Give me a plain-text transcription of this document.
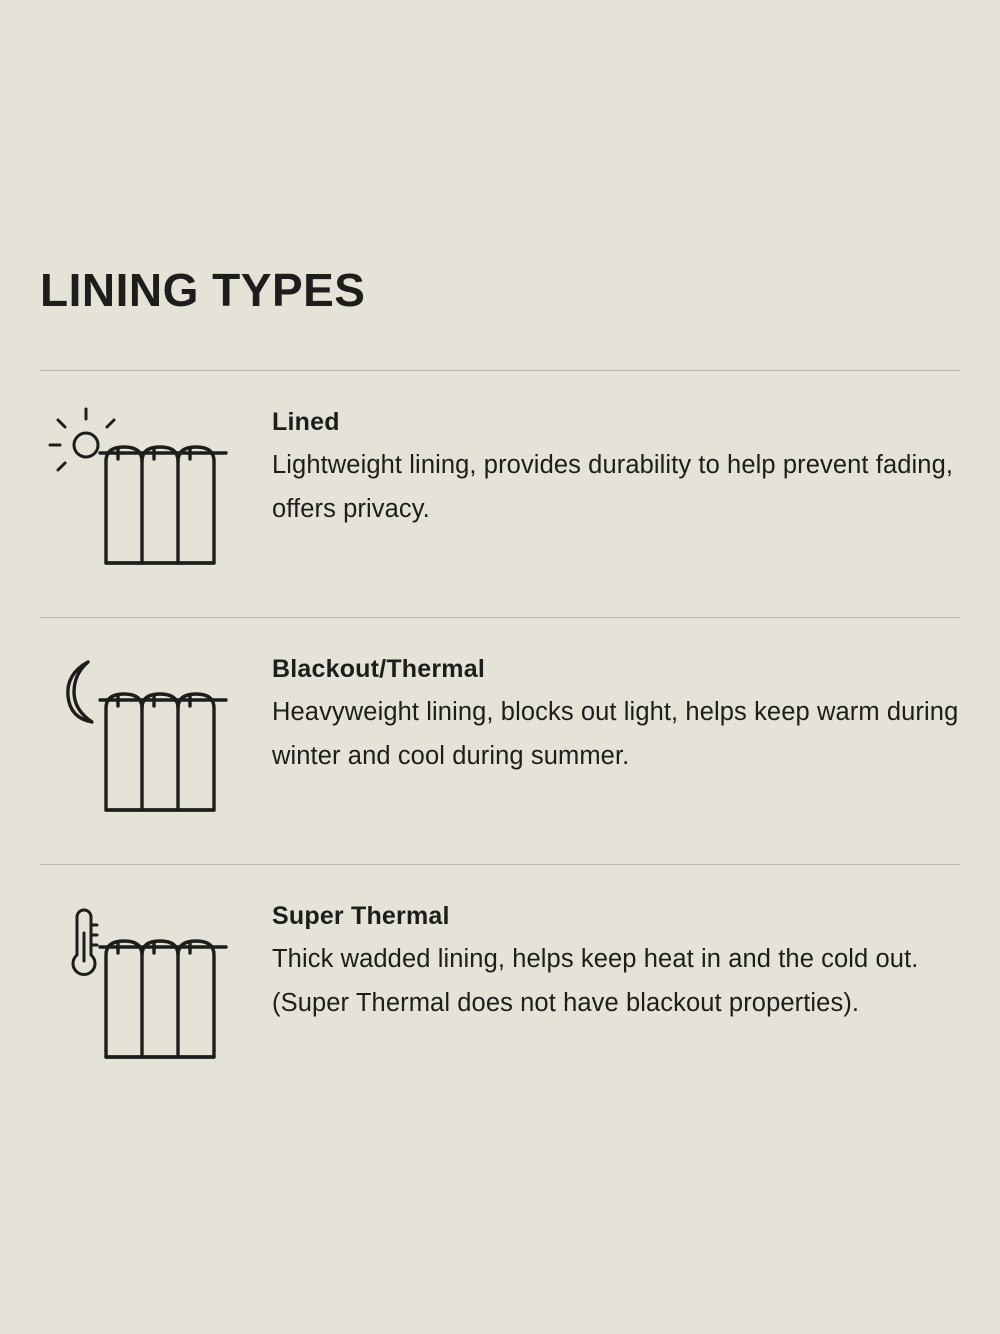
LINING TYPES

Lined

Lightweight lining, provides durability to help prevent fading, offers privacy.

Blackout/Thermal

Heavyweight lining, blocks out light, helps keep warm during winter and cool during summer.

Super Thermal

Thick wadded lining, helps keep heat in and the cold out. (Super Thermal does not have blackout properties).
